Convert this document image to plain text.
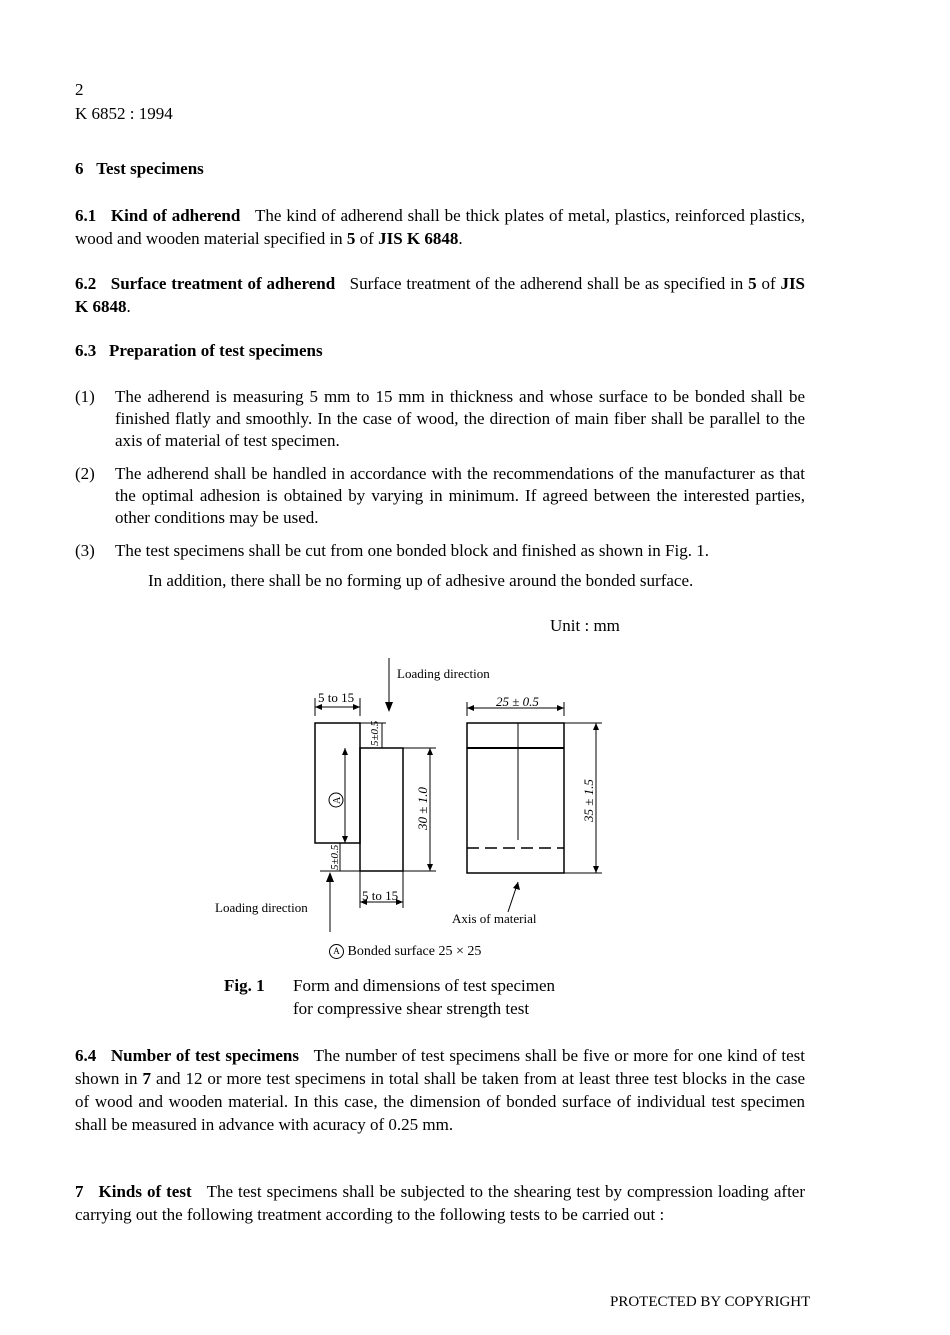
2
K 6852 : 1994
6 Test specimens
6.1 Kind of adherend The kind of adherend shall be thick plates of metal, plastics, reinforced plastics, wood and wooden material specified in 5 of JIS K 6848.
6.2 Surface treatment of adherend Surface treatment of the adherend shall be as specified in 5 of JIS K 6848.
6.3 Preparation of test specimens
(1) The adherend is measuring 5 mm to 15 mm in thickness and whose surface to be bonded shall be finished flatly and smoothly. In the case of wood, the direction of main fiber shall be parallel to the axis of material of test specimen.
(2) The adherend shall be handled in accordance with the recommendations of the manufacturer as that the optimal adhesion is obtained by varying in minimum. If agreed between the interested parties, other conditions may be used.
(3) The test specimens shall be cut from one bonded block and finished as shown in Fig. 1.
In addition, there shall be no forming up of adhesive around the bonded surface.
Unit : mm
Loading direction
Loading direction
5 to 15	25 ± 0.5
5±0.5
5±0.5
30 ± 1.0	35 ± 1.5
A
5 to 15
Axis of material
A Bonded surface 25 × 25
Fig. 1 Form and dimensions of test specimen
for compressive shear strength test
6.4 Number of test specimens The number of test specimens shall be five or more for one kind of test shown in 7 and 12 or more test specimens in total shall be taken from at least three test blocks in the case of wood and wooden material. In this case, the dimension of bonded surface of individual test specimen shall be measured in advance with acuracy of 0.25 mm.
7 Kinds of test The test specimens shall be subjected to the shearing test by compression loading after carrying out the following treatment according to the following tests to be carried out :
PROTECTED BY COPYRIGHT
